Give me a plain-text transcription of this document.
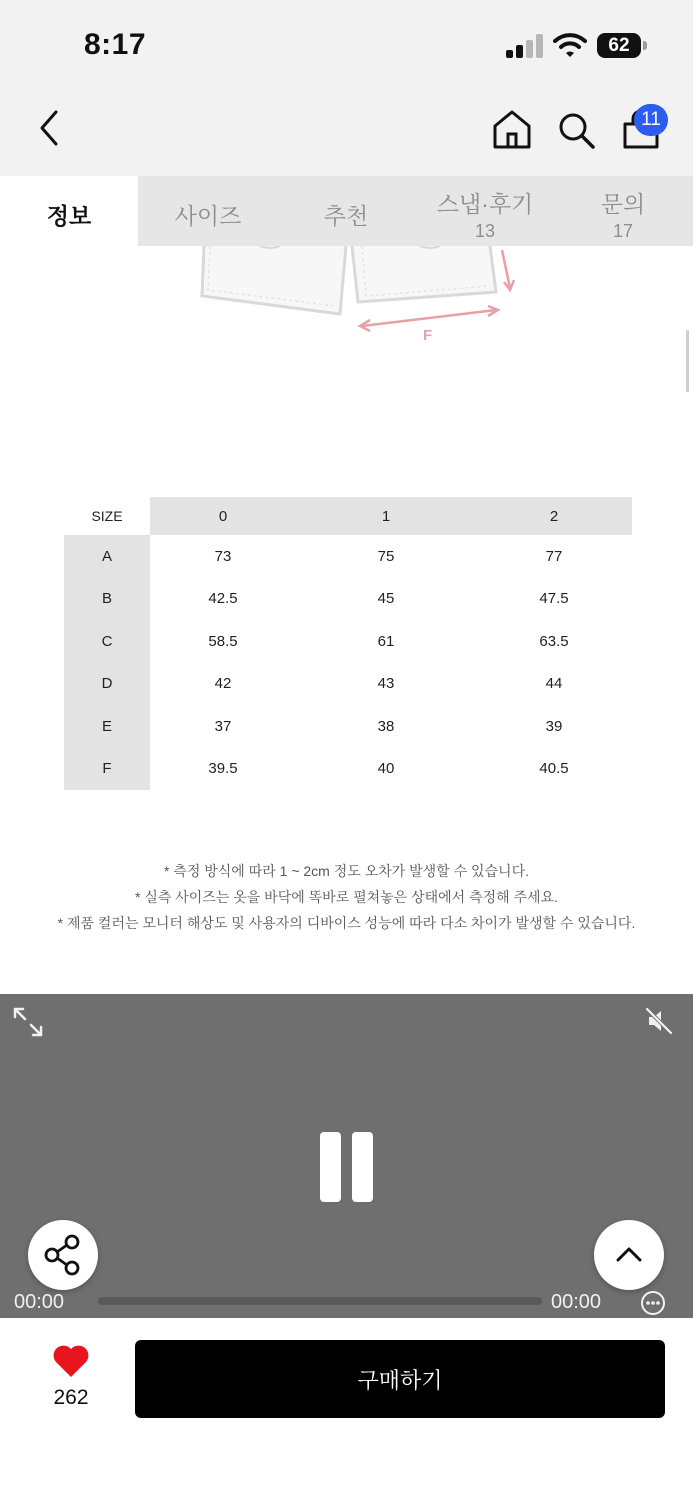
8:17	62
11
정보	사이즈	추천	스냅·후기
13
문의
17
F
SIZE	0	1	2
A	73	75	77
B	42.5	45	47.5
C	58.5	61	63.5
D	42	43	44
E	37	38	39
F	39.5	40	40.5
* 측정 방식에 따라 1 ~ 2cm 정도 오차가 발생할 수 있습니다.
* 실측 사이즈는 옷을 바닥에 똑바로 펼쳐놓은 상태에서 측정해 주세요.
* 제품 컬러는 모니터 해상도 및 사용자의 디바이스 성능에 따라 다소 차이가 발생할 수 있습니다.
00:00	00:00
262
구매하기
